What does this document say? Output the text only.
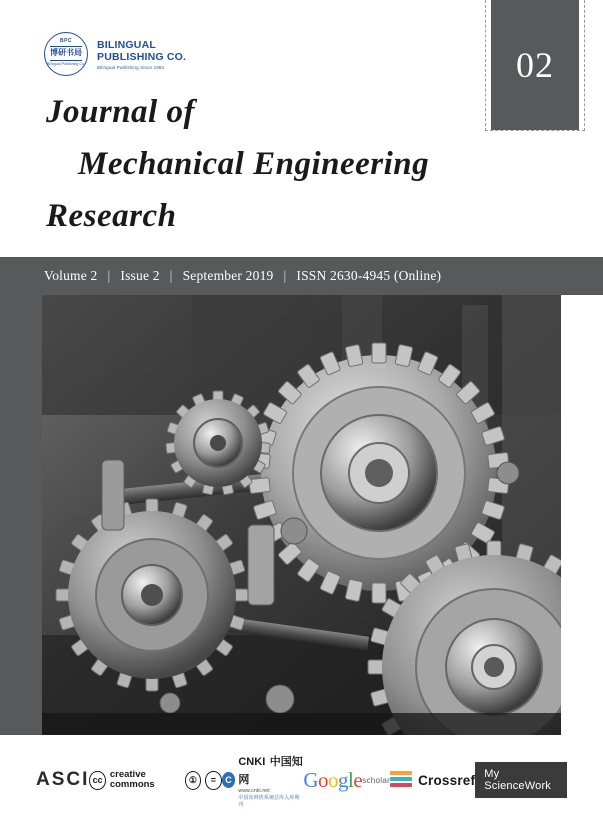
BPC
博研书局
Bilingual Publishing Co.
BILINGUAL
PUBLISHING CO.
Bilingual Publishing Since 1984	02
Journal of
Mechanical Engineering
Research
Volume 2 | Issue 2 | September 2019 | ISSN 2630-4945 (Online)
ASCI cc creative commons	①	=	C
CNKI 中国知网
www.cnki.net
中国知网机系统总库入库期刊
Google scholar Crossref My ScienceWork
